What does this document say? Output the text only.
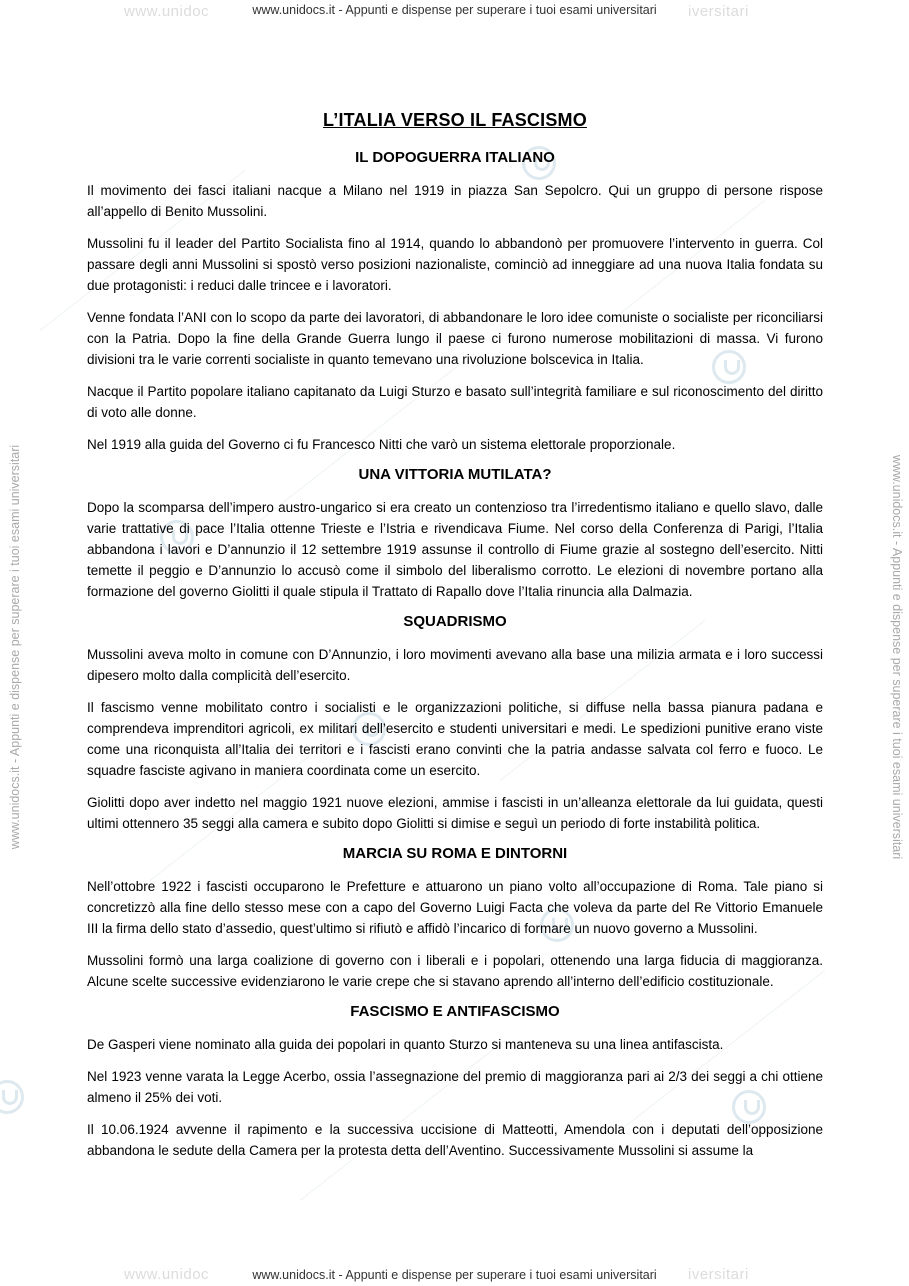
www.unidoc	iversitari
www.unidoc	iversitari
www.unidocs.it - Appunti e dispense per superare i tuoi esami universitari
www.unidocs.it - Appunti e dispense per superare i tuoi esami universitari
www.unidocs.it - Appunti e dispense per superare i tuoi esami universitari	www.unidocs.it - Appunti e dispense per superare i tuoi esami universitari
L’ITALIA VERSO IL FASCISMO
IL DOPOGUERRA ITALIANO

Il movimento dei fasci italiani nacque a Milano nel 1919 in piazza San Sepolcro. Qui un gruppo di persone rispose all’appello di Benito Mussolini.

Mussolini fu il leader del Partito Socialista fino al 1914, quando lo abbandonò per promuovere l’intervento in guerra. Col passare degli anni Mussolini si spostò verso posizioni nazionaliste, cominciò ad inneggiare ad una nuova Italia fondata su due protagonisti: i reduci dalle trincee e i lavoratori.

Venne fondata l’ANI con lo scopo da parte dei lavoratori, di abbandonare le loro idee comuniste o socialiste per riconciliarsi con la Patria. Dopo la fine della Grande Guerra lungo il paese ci furono numerose mobilitazioni di massa. Vi furono divisioni tra le varie correnti socialiste in quanto temevano una rivoluzione bolscevica in Italia.

Nacque il Partito popolare italiano capitanato da Luigi Sturzo e basato sull’integrità familiare e sul riconoscimento del diritto di voto alle donne.

Nel 1919 alla guida del Governo ci fu Francesco Nitti che varò un sistema elettorale proporzionale.

UNA VITTORIA MUTILATA?

Dopo la scomparsa dell’impero austro-ungarico si era creato un contenzioso tra l’irredentismo italiano e quello slavo, dalle varie trattative di pace l’Italia ottenne Trieste e l’Istria e rivendicava Fiume. Nel corso della Conferenza di Parigi, l’Italia abbandona i lavori e D’annunzio il 12 settembre 1919 assunse il controllo di Fiume grazie al sostegno dell’esercito. Nitti temette il peggio e D’annunzio lo accusò come il simbolo del liberalismo corrotto. Le elezioni di novembre portano alla formazione del governo Giolitti il quale stipula il Trattato di Rapallo dove l’Italia rinuncia alla Dalmazia.

SQUADRISMO

Mussolini aveva molto in comune con D’Annunzio, i loro movimenti avevano alla base una milizia armata e i loro successi dipesero molto dalla complicità dell’esercito.

Il fascismo venne mobilitato contro i socialisti e le organizzazioni politiche, si diffuse nella bassa pianura padana e comprendeva imprenditori agricoli, ex militari dell’esercito e studenti universitari e medi. Le spedizioni punitive erano viste come una riconquista all’Italia dei territori e i fascisti erano convinti che la patria andasse salvata col ferro e fuoco. Le squadre fasciste agivano in maniera coordinata come un esercito.

Giolitti dopo aver indetto nel maggio 1921 nuove elezioni, ammise i fascisti in un’alleanza elettorale da lui guidata, questi ultimi ottennero 35 seggi alla camera e subito dopo Giolitti si dimise e seguì un periodo di forte instabilità politica.

MARCIA SU ROMA E DINTORNI

Nell’ottobre 1922 i fascisti occuparono le Prefetture e attuarono un piano volto all’occupazione di Roma. Tale piano si concretizzò alla fine dello stesso mese con a capo del Governo Luigi Facta che voleva da parte del Re Vittorio Emanuele III la firma dello stato d’assedio, quest’ultimo si rifiutò e affidò l’incarico di formare un nuovo governo a Mussolini.

Mussolini formò una larga coalizione di governo con i liberali e i popolari, ottenendo una larga fiducia di maggioranza. Alcune scelte successive evidenziarono le varie crepe che si stavano aprendo all’interno dell’edificio costituzionale.

FASCISMO E ANTIFASCISMO

De Gasperi viene nominato alla guida dei popolari in quanto Sturzo si manteneva su una linea antifascista.

Nel 1923 venne varata la Legge Acerbo, ossia l’assegnazione del premio di maggioranza pari ai 2/3 dei seggi a chi ottiene almeno il 25% dei voti.

Il 10.06.1924 avvenne il rapimento e la successiva uccisione di Matteotti, Amendola con i deputati dell’opposizione abbandona le sedute della Camera per la protesta detta dell’Aventino. Successivamente Mussolini si assume la
